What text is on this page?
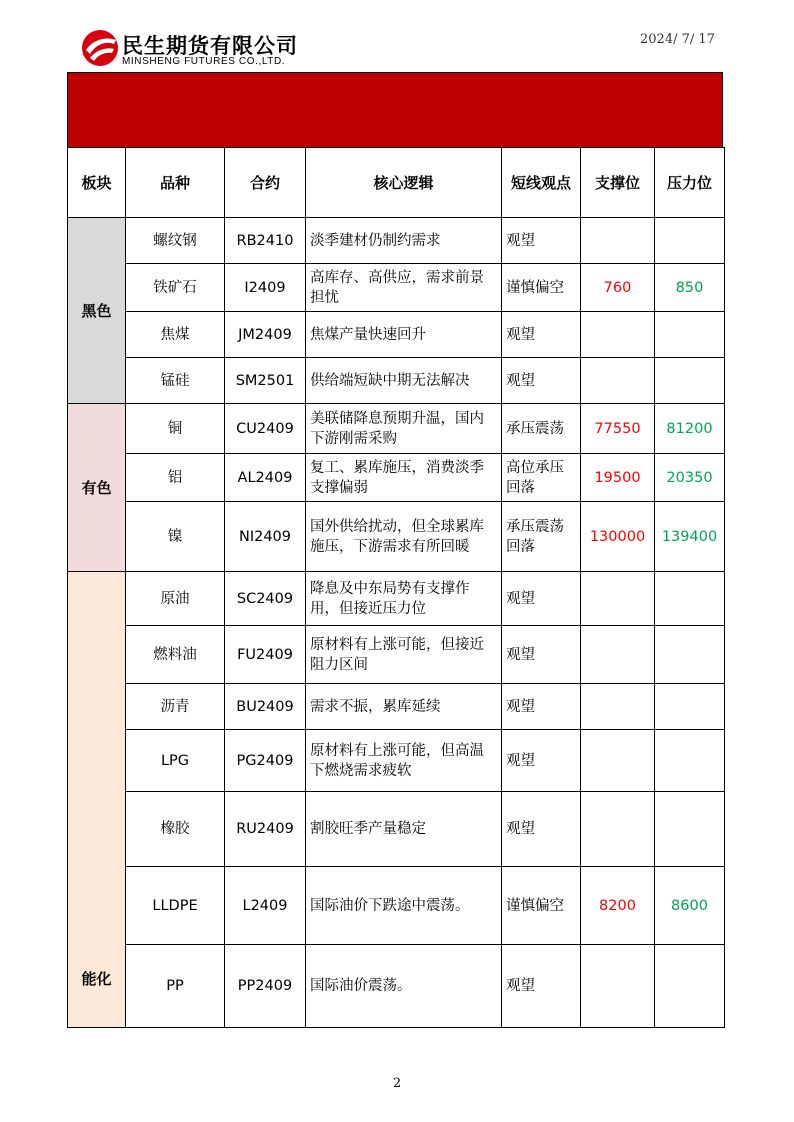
民生期货有限公司
MINSHENG FUTURES CO.,LTD.
2024/ 7/ 17
板块	品种	合约	核心逻辑	短线观点	支撑位	压力位
黑色	螺纹钢	RB2410	淡季建材仍制约需求	观望		
	铁矿石	I2409	高库存、高供应，需求前景担忧	谨慎偏空	760	850
	焦煤	JM2409	焦煤产量快速回升	观望		
	锰硅	SM2501	供给端短缺中期无法解决	观望		
有色	铜	CU2409	美联储降息预期升温，国内下游刚需采购	承压震荡	77550	81200
	铝	AL2409	复工、累库施压，消费淡季支撑偏弱	高位承压回落	19500	20350
	镍	NI2409	国外供给扰动，但全球累库施压，下游需求有所回暖	承压震荡回落	130000	139400
能化	原油	SC2409	降息及中东局势有支撑作用，但接近压力位	观望		
	燃料油	FU2409	原材料有上涨可能，但接近阻力区间	观望		
	沥青	BU2409	需求不振，累库延续	观望		
	LPG	PG2409	原材料有上涨可能，但高温下燃烧需求疲软	观望		
	橡胶	RU2409	割胶旺季产量稳定	观望		
	LLDPE	L2409	国际油价下跌途中震荡。	谨慎偏空	8200	8600
	PP	PP2409	国际油价震荡。	观望		
2
